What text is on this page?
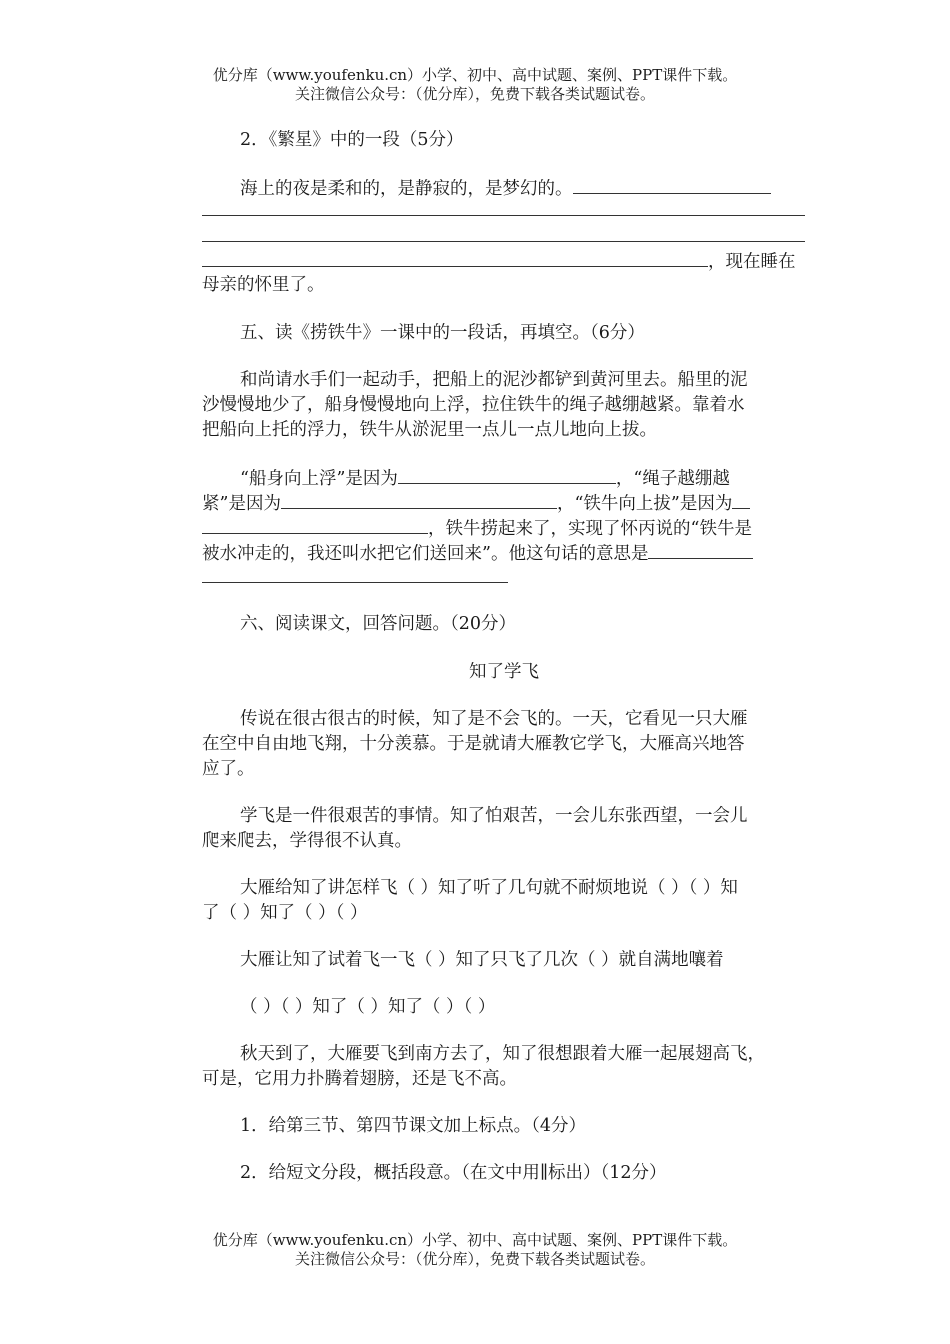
优分库（www.youfenku.cn）小学、初中、高中试题、案例、PPT课件下载。
关注微信公众号：（优分库），免费下载各类试题试卷。
2．《繁星》中的一段（5分）
海上的夜是柔和的，是静寂的，是梦幻的。
，现在睡在
母亲的怀里了。
五、读《捞铁牛》一课中的一段话，再填空。（6分）
和尚请水手们一起动手，把船上的泥沙都铲到黄河里去。船里的泥
沙慢慢地少了，船身慢慢地向上浮，拉住铁牛的绳子越绷越紧。靠着水
把船向上托的浮力，铁牛从淤泥里一点儿一点儿地向上拔。
“船身向上浮”是因为	，“绳子越绷越
紧”是因为	，“铁牛向上拔”是因为
，铁牛捞起来了，实现了怀丙说的“铁牛是
被水冲走的，我还叫水把它们送回来”。他这句话的意思是
六、阅读课文，回答问题。（20分）
知了学飞
传说在很古很古的时候，知了是不会飞的。一天，它看见一只大雁
在空中自由地飞翔，十分羡慕。于是就请大雁教它学飞，大雁高兴地答
应了。
学飞是一件很艰苦的事情。知了怕艰苦，一会儿东张西望，一会儿
爬来爬去，学得很不认真。
大雁给知了讲怎样飞（ ）知了听了几句就不耐烦地说（ ）（ ）知
了（ ）知了（ ）（ ）
大雁让知了试着飞一飞（ ）知了只飞了几次（ ）就自满地嚷着
（ ）（ ）知了（ ）知了（ ）（ ）
秋天到了，大雁要飞到南方去了，知了很想跟着大雁一起展翅高飞，
可是，它用力扑腾着翅膀，还是飞不高。
1．给第三节、第四节课文加上标点。（4分）
2．给短文分段，概括段意。（在文中用∥标出）（12分）
优分库（www.youfenku.cn）小学、初中、高中试题、案例、PPT课件下载。
关注微信公众号：（优分库），免费下载各类试题试卷。
